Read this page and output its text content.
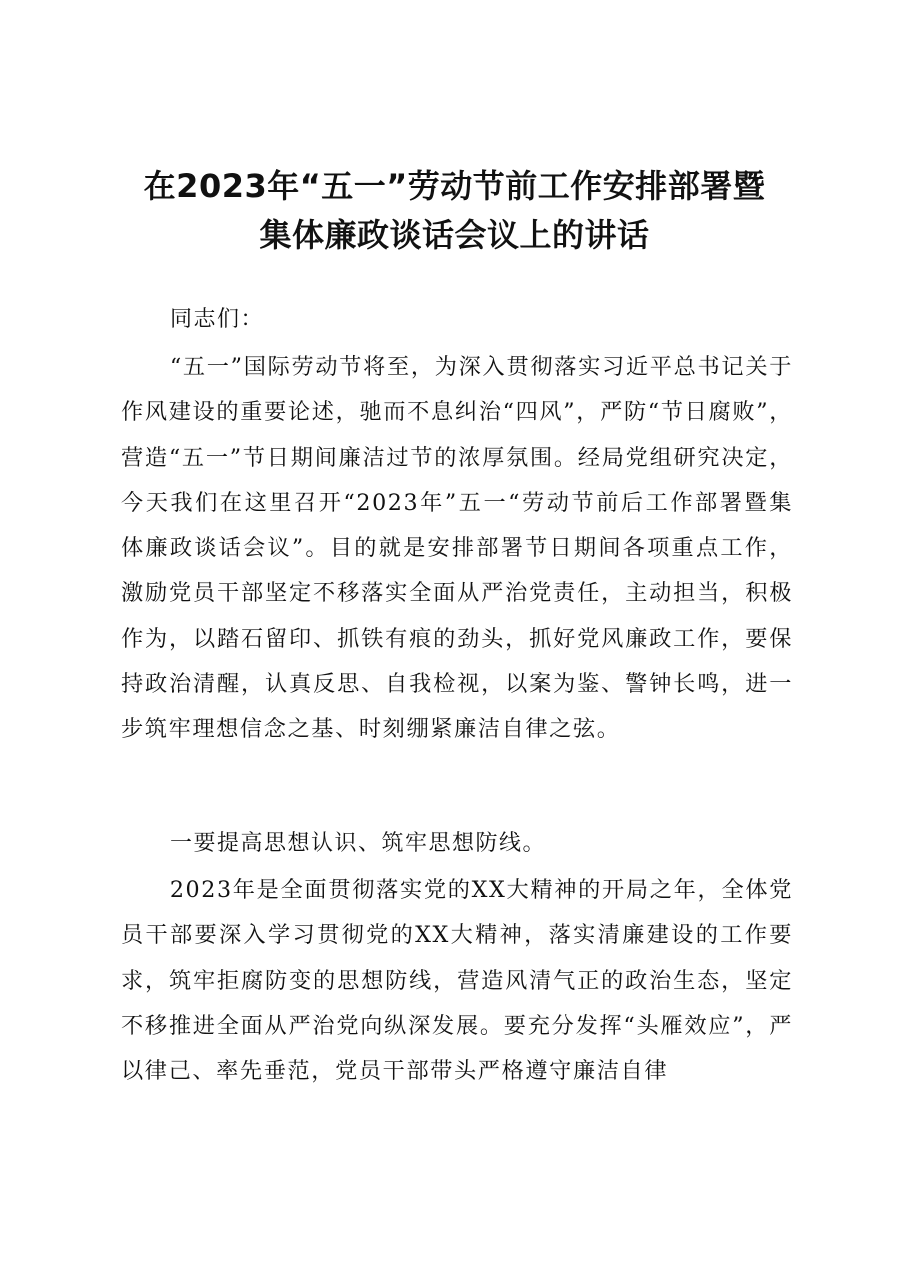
在2023年“五一”劳动节前工作安排部署暨
集体廉政谈话会议上的讲话
同志们：

“五一”国际劳动节将至，为深入贯彻落实习近平总书记关于作风建设的重要论述，驰而不息纠治“四风”，严防“节日腐败”，营造“五一”节日期间廉洁过节的浓厚氛围。经局党组研究决定，今天我们在这里召开“2023年”五一“劳动节前后工作部署暨集体廉政谈话会议”。目的就是安排部署节日期间各项重点工作，激励党员干部坚定不移落实全面从严治党责任，主动担当，积极作为，以踏石留印、抓铁有痕的劲头，抓好党风廉政工作，要保持政治清醒，认真反思、自我检视，以案为鉴、警钟长鸣，进一步筑牢理想信念之基、时刻绷紧廉洁自律之弦。

一要提高思想认识、筑牢思想防线。

2023年是全面贯彻落实党的XX大精神的开局之年，全体党员干部要深入学习贯彻党的XX大精神，落实清廉建设的工作要求，筑牢拒腐防变的思想防线，营造风清气正的政治生态，坚定不移推进全面从严治党向纵深发展。要充分发挥“头雁效应”，严以律己、率先垂范，党员干部带头严格遵守廉洁自律
